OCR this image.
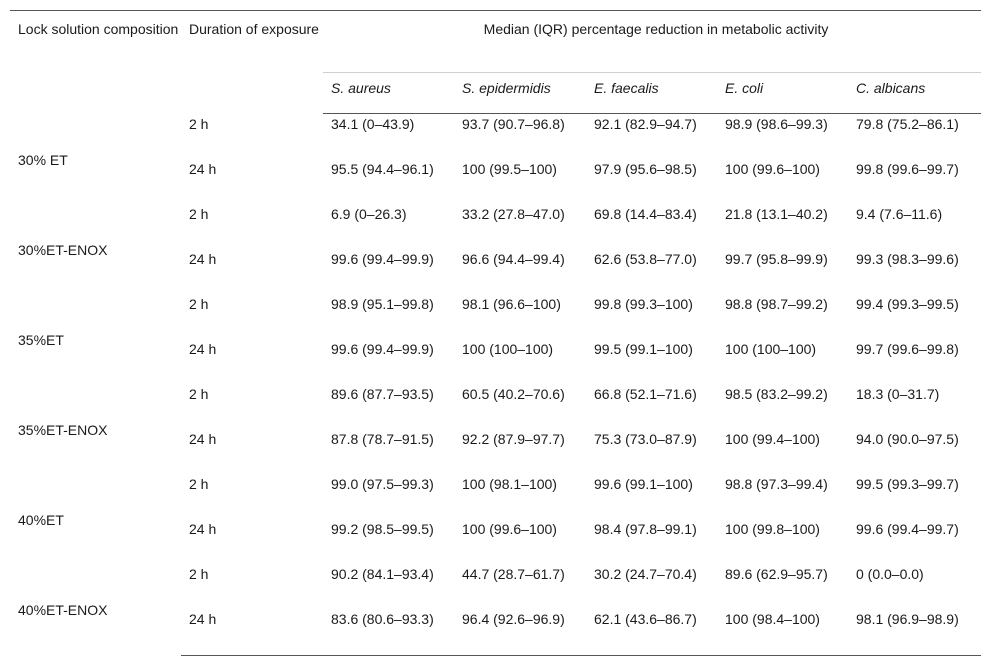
Lock solution composition	Duration of exposure	Median (IQR) percentage reduction in metabolic activity				
		S. aureus	S. epidermidis	E. faecalis	E. coli	C. albicans
30% ET	2 h	34.1 (0–43.9)	93.7 (90.7–96.8)	92.1 (82.9–94.7)	98.9 (98.6–99.3)	79.8 (75.2–86.1)
	24 h	95.5 (94.4–96.1)	100 (99.5–100)	97.9 (95.6–98.5)	100 (99.6–100)	99.8 (99.6–99.7)
30%ET-ENOX	2 h	6.9 (0–26.3)	33.2 (27.8–47.0)	69.8 (14.4–83.4)	21.8 (13.1–40.2)	9.4 (7.6–11.6)
	24 h	99.6 (99.4–99.9)	96.6 (94.4–99.4)	62.6 (53.8–77.0)	99.7 (95.8–99.9)	99.3 (98.3–99.6)
35%ET	2 h	98.9 (95.1–99.8)	98.1 (96.6–100)	99.8 (99.3–100)	98.8 (98.7–99.2)	99.4 (99.3–99.5)
	24 h	99.6 (99.4–99.9)	100 (100–100)	99.5 (99.1–100)	100 (100–100)	99.7 (99.6–99.8)
35%ET-ENOX	2 h	89.6 (87.7–93.5)	60.5 (40.2–70.6)	66.8 (52.1–71.6)	98.5 (83.2–99.2)	18.3 (0–31.7)
	24 h	87.8 (78.7–91.5)	92.2 (87.9–97.7)	75.3 (73.0–87.9)	100 (99.4–100)	94.0 (90.0–97.5)
40%ET	2 h	99.0 (97.5–99.3)	100 (98.1–100)	99.6 (99.1–100)	98.8 (97.3–99.4)	99.5 (99.3–99.7)
	24 h	99.2 (98.5–99.5)	100 (99.6–100)	98.4 (97.8–99.1)	100 (99.8–100)	99.6 (99.4–99.7)
40%ET-ENOX	2 h	90.2 (84.1–93.4)	44.7 (28.7–61.7)	30.2 (24.7–70.4)	89.6 (62.9–95.7)	0 (0.0–0.0)
	24 h	83.6 (80.6–93.3)	96.4 (92.6–96.9)	62.1 (43.6–86.7)	100 (98.4–100)	98.1 (96.9–98.9)
